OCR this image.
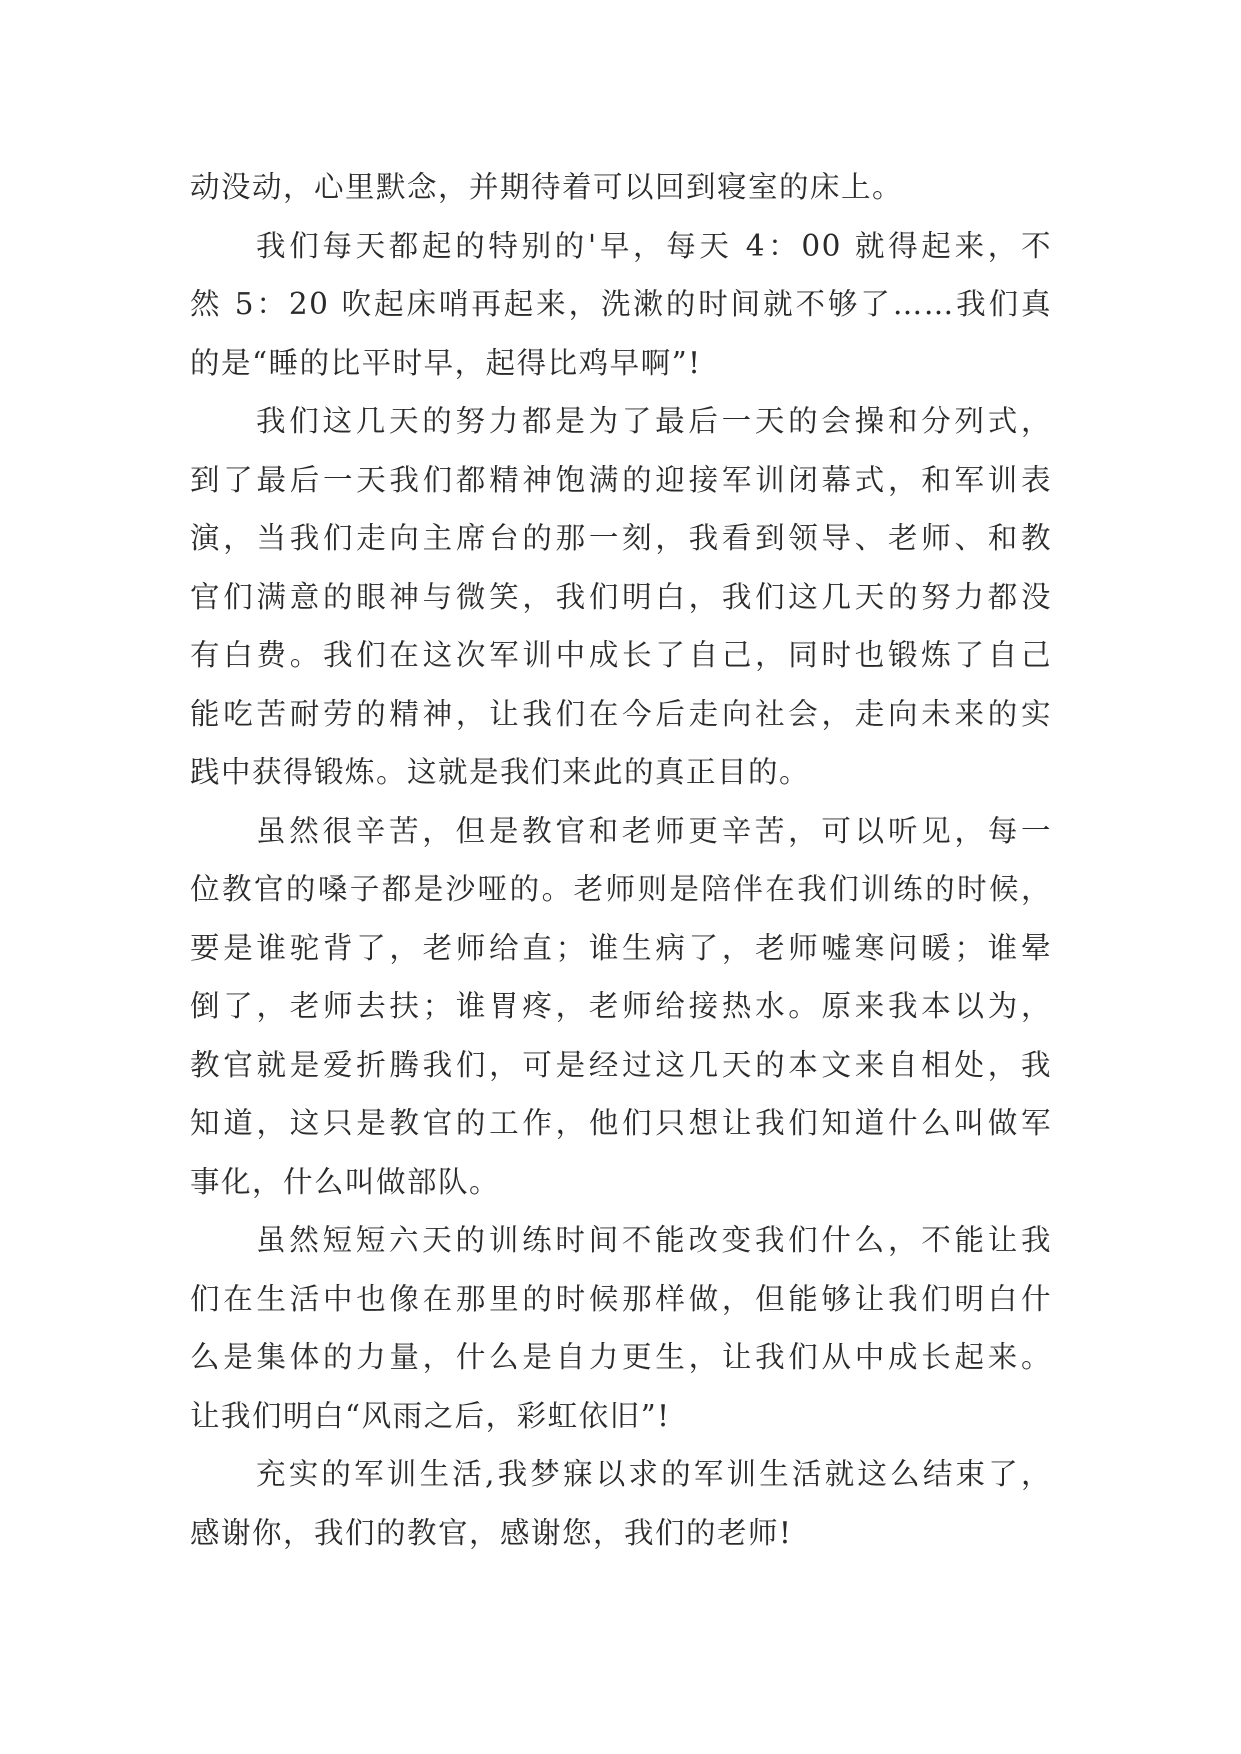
动没动，心里默念，并期待着可以回到寝室的床上。
我们每天都起的特别的'早，每天 4：00 就得起来，不
然 5：20 吹起床哨再起来，洗漱的时间就不够了……我们真
的是“睡的比平时早，起得比鸡早啊”!
我们这几天的努力都是为了最后一天的会操和分列式，
到了最后一天我们都精神饱满的迎接军训闭幕式，和军训表
演，当我们走向主席台的那一刻，我看到领导、老师、和教
官们满意的眼神与微笑，我们明白，我们这几天的努力都没
有白费。我们在这次军训中成长了自己，同时也锻炼了自己
能吃苦耐劳的精神，让我们在今后走向社会，走向未来的实
践中获得锻炼。这就是我们来此的真正目的。
虽然很辛苦，但是教官和老师更辛苦，可以听见，每一
位教官的嗓子都是沙哑的。老师则是陪伴在我们训练的时候，
要是谁驼背了，老师给直；谁生病了，老师嘘寒问暖；谁晕
倒了，老师去扶；谁胃疼，老师给接热水。原来我本以为，
教官就是爱折腾我们，可是经过这几天的本文来自相处，我
知道，这只是教官的工作，他们只想让我们知道什么叫做军
事化，什么叫做部队。
虽然短短六天的训练时间不能改变我们什么，不能让我
们在生活中也像在那里的时候那样做，但能够让我们明白什
么是集体的力量，什么是自力更生，让我们从中成长起来。
让我们明白“风雨之后，彩虹依旧”!
充实的军训生活,我梦寐以求的军训生活就这么结束了，
感谢你，我们的教官，感谢您，我们的老师!
